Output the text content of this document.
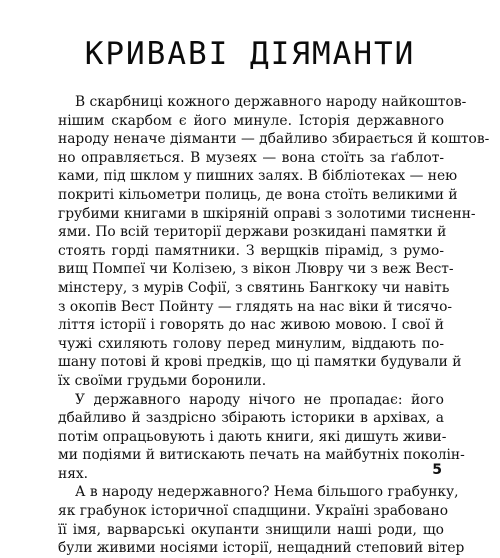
КРИВАВІ ДІЯМАНТИ
В скарбниці кожного державного народу найкоштов-
нішим скарбом є його минуле. Історія державного
народу неначе діяманти — дбайливо збирається й коштов-
но оправляється. В музеях — вона стоїть за ґаблот-
ками, під шклом у пишних залях. В бібліотеках — нею
покриті кільометри полиць, де вона стоїть великими й
грубими книгами в шкіряній оправі з золотими тисненн-
ями. По всій території держави розкидані памятки й
стоять горді памятники. З верщків пірамід, з румо-
вищ Помпеї чи Колізею, з вікон Люврy чи з веж Вест-
мінстеру, з мурів Софії, з святинь Бангкоку чи навіть
з окопів Вест Пойнту — глядять на нас віки й тисячо-
ліття історії і говорять до нас живою мовою. І свої й
чужі схиляють голову перед минулим, віддають по-
шану потові й крові предків, що ці памятки будували й
їх своїми грудьми боронили.
У державного народу нічого не пропадає: його
дбайливо й заздрісно збірають історики в архівах, а
потім опрацьовують і дають книги, які дишуть живи-
ми подіями й витискають печать на майбутніх поколін-
нях.
А в народу недержавного? Нема більшого грабунку,
як грабунок історичної спадщини. Україні зрабовано
її імя, варварські окупанти знищили наші роди, що
були живими носіями історії, нещадний степовий вітер
5
